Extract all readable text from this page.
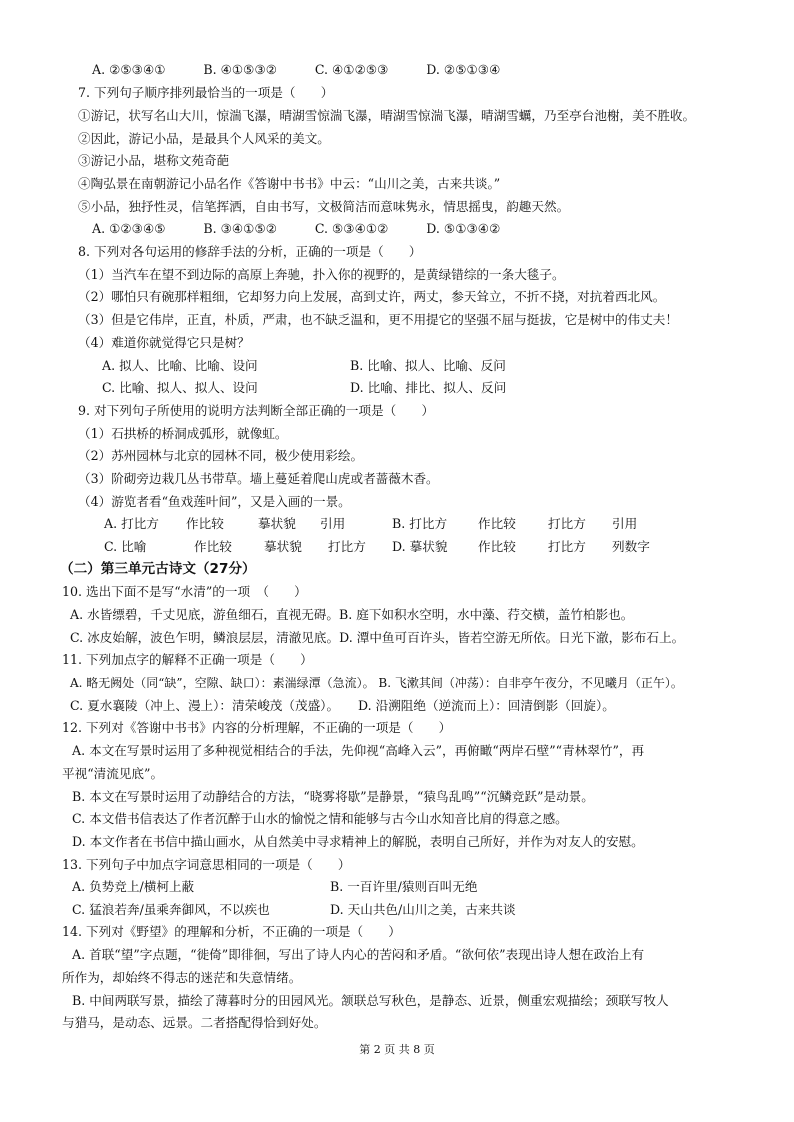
A. ②⑤③④①　　　B. ④①⑤③②　　　C. ④①②⑤③　　　D. ②⑤①③④
7. 下列句子顺序排列最恰当的一项是（　　）
①游记，状写名山大川，惊湍飞瀑，晴湖雪惊湍飞瀑，晴湖雪惊湍飞瀑，晴湖雪蠣，乃至亭台池榭，美不胜收。
②因此，游记小品，是最具个人风采的美文。
③游记小品，堪称文苑奇葩
④陶弘景在南朝游记小品名作《答谢中书书》中云：“山川之美，古来共谈。”
⑤小品，独抒性灵，信笔挥洒，自由书写，文极简洁而意味隽永，情思摇曳，韵趣天然。
A. ①②③④⑤　　　B. ③④①⑤②　　　C. ⑤③④①②　　　D. ⑤①③④②
8. 下列对各句运用的修辞手法的分析，正确的一项是（　　）
（1）当汽车在望不到边际的高原上奔驰，扑入你的视野的，是黄绿错综的一条大毯子。
（2）哪怕只有碗那样粗细，它却努力向上发展，高到丈许，两丈，参天耸立，不折不挠，对抗着西北风。
（3）但是它伟岸，正直，朴质，严肃，也不缺乏温和，更不用提它的坚强不屈与挺拔，它是树中的伟丈夫！
（4）难道你就觉得它只是树？
A. 拟人、比喻、比喻、设问	B. 比喻、拟人、比喻、反问
C. 比喻、拟人、拟人、设问	D. 比喻、排比、拟人、反问
9. 对下列句子所使用的说明方法判断全部正确的一项是（　　）
（1）石拱桥的桥洞成弧形，就像虹。
（2）苏州园林与北京的园林不同，极少使用彩绘。
（3）阶砌旁边栽几丛书带草。墙上蔓延着爬山虎或者蔷薇木香。
（4）游览者看“鱼戏莲叶间”，又是入画的一景。
A. 打比方 作比较	摹状貌 引用	B. 打比方 作比较	打比方 引用
C. 比喻	作比较	摹状貌 打比方 D. 摹状貌 作比较	打比方 列数字
（二）第三单元古诗文（27分）
10. 选出下面不是写“水清”的一项　（　　）
A. 水皆缥碧，千丈见底，游鱼细石，直视无碍。B. 庭下如积水空明，水中藻、荇交横，盖竹柏影也。
C. 冰皮始解，波色乍明，鳞浪层层，清澈见底。D. 潭中鱼可百许头，皆若空游无所依。日光下澈，影布石上。
11. 下列加点字的解释不正确一项是（　　）
A. 略无阙处（同“缺”，空隙、缺口）：素湍绿潭（急流）。 B. 飞漱其间（冲荡）：自非亭午夜分，不见曦月（正午）。
C. 夏水襄陵（冲上、漫上）：清荣峻茂（茂盛）。　　D. 沿溯阻绝（逆流而上）：回清倒影（回旋）。
12. 下列对《答谢中书书》内容的分析理解，不正确的一项是（　　）
A. 本文在写景时运用了多种视觉相结合的手法，先仰视“高峰入云”，再俯瞰“两岸石壁”“青林翠竹”，再
平视“清流见底”。
B. 本文在写景时运用了动静结合的方法，“晓雾将歇”是静景，“猿鸟乱鸣”“沉鳞竞跃”是动景。
C. 本文借书信表达了作者沉醉于山水的愉悦之情和能够与古今山水知音比肩的得意之感。
D. 本文作者在书信中描山画水，从自然美中寻求精神上的解脱，表明自己所好，并作为对友人的安慰。
13. 下列句子中加点字词意思相同的一项是（　　）
A. 负势竞上/横柯上蔽	B. 一百许里/猿则百叫无绝
C. 猛浪若奔/虽乘奔御风，不以疾也	D. 天山共色/山川之美，古来共谈
14. 下列对《野望》的理解和分析，不正确的一项是（　　）
A. 首联“望”字点题，“徙倚”即徘徊，写出了诗人内心的苦闷和矛盾。“欲何依”表现出诗人想在政治上有
所作为，却始终不得志的迷茫和失意情绪。
B. 中间两联写景，描绘了薄暮时分的田园风光。颔联总写秋色，是静态、近景，侧重宏观描绘；颈联写牧人
与猎马，是动态、远景。二者搭配得恰到好处。
第 2 页 共 8 页
